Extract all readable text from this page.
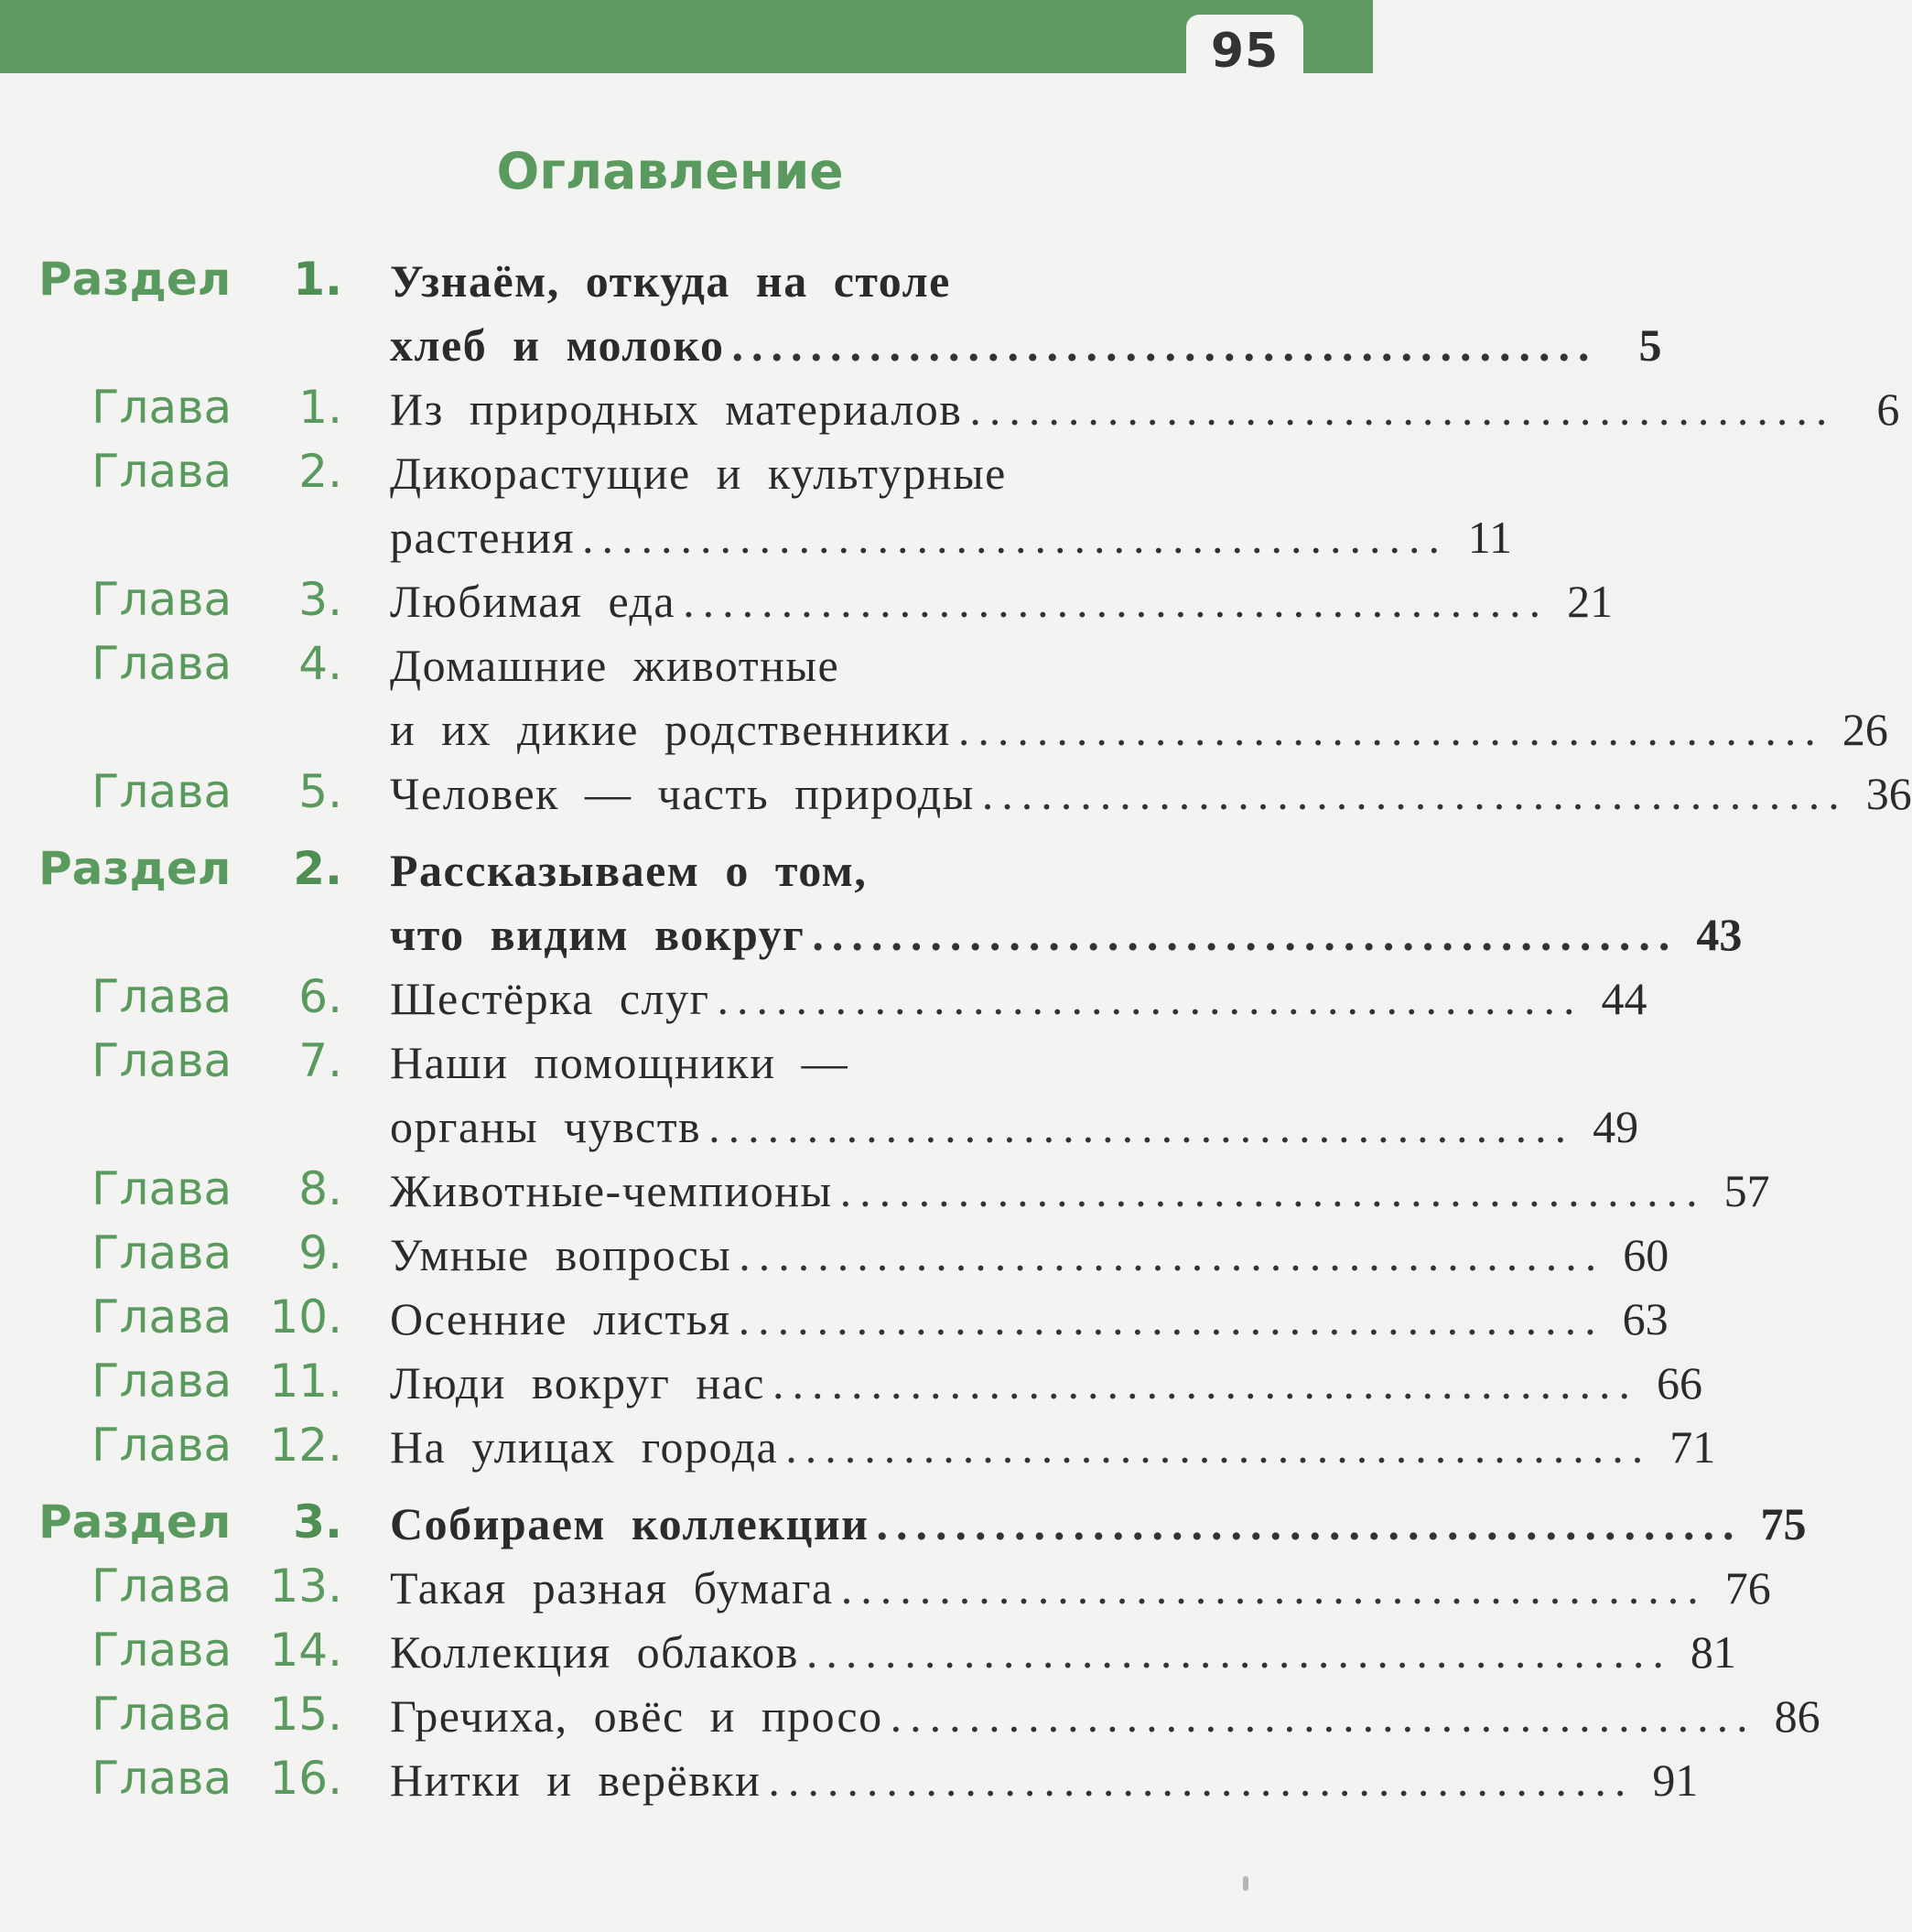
95
Оглавление
Раздел	1. Узнаём, откуда на столе
хлеб и молоко ............................................ 5
Глава	1. Из природных материалов ............................................ 6
Глава	2. Дикорастущие и культурные
растения ............................................ 11
Глава	3. Любимая еда ............................................ 21
Глава	4. Домашние животные
и их дикие родственники ............................................ 26
Глава	5. Человек — часть природы ............................................ 36
Раздел	2. Рассказываем о том,
что видим вокруг ............................................ 43
Глава	6. Шестёрка слуг ............................................ 44
Глава	7. Наши помощники —
органы чувств ............................................ 49
Глава	8. Животные-чемпионы ............................................ 57
Глава	9. Умные вопросы ............................................ 60
Глава 10. Осенние листья ............................................ 63
Глава 11. Люди вокруг нас ............................................ 66
Глава 12. На улицах города ............................................ 71
Раздел	3. Собираем коллекции ............................................ 75
Глава 13. Такая разная бумага ............................................ 76
Глава 14. Коллекция облаков ............................................ 81
Глава 15. Гречиха, овёс и просо ............................................ 86
Глава 16. Нитки и верёвки ............................................ 91
